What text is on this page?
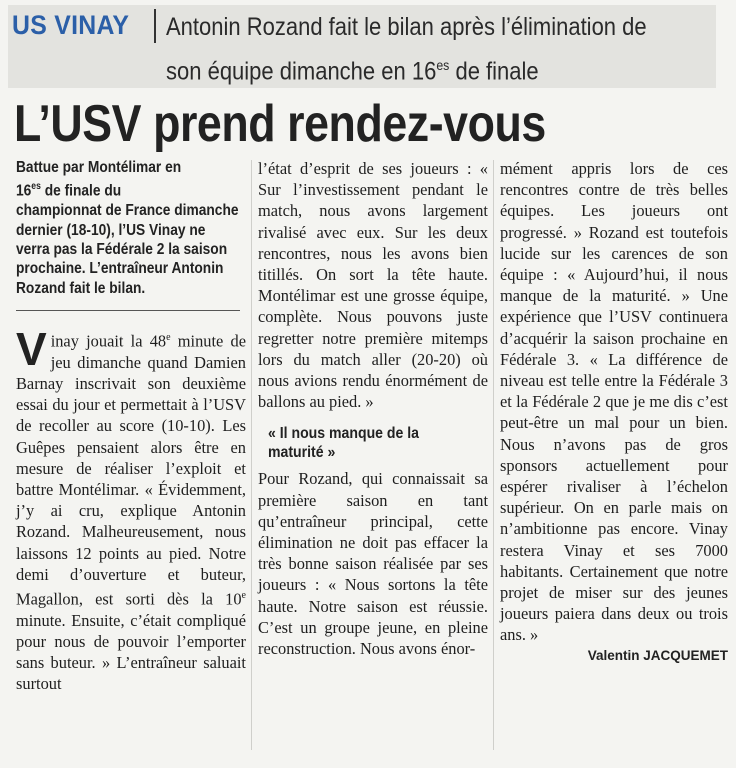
US VINAY Antonin Rozand fait le bilan après l’élimination de
son équipe dimanche en $16^{es}$ de finale
L’USV prend rendez-vous
Battue par Montélimar en
$16^{es}$ de finale du
championnat de France dimanche dernier (18-10), l’US Vinay ne verra pas la Fédérale 2 la saison prochaine. L’entraîneur Antonin Rozand fait le bilan.
Vinay jouait la 48e minute de jeu dimanche quand Damien Barnay inscrivait son deuxième essai du jour et permettait à l’USV de recoller au score (10-10). Les Guêpes pensaient alors être en mesure de réaliser l’exploit et battre Montélimar. « Évidemment, j’y ai cru, explique Antonin Rozand. Malheureusement, nous laissons 12 points au pied. Notre demi d’ouverture et buteur, Magallon, est sorti dès la 10e minute. Ensuite, c’était compliqué pour nous de pouvoir l’emporter sans buteur. » L’entraîneur saluait surtout
l’état d’esprit de ses joueurs : « Sur l’investissement pendant le match, nous avons largement rivalisé avec eux. Sur les deux rencontres, nous les avons bien titillés. On sort la tête haute. Montélimar est une grosse équipe, complète. Nous pouvons juste regretter notre première mitemps lors du match aller (20-20) où nous avions rendu énormément de ballons au pied. »
« Il nous manque de la maturité »
Pour Rozand, qui connaissait sa première saison en tant qu’entraîneur principal, cette élimination ne doit pas effacer la très bonne saison réalisée par ses joueurs : « Nous sortons la tête haute. Notre saison est réussie. C’est un groupe jeune, en pleine reconstruction. Nous avons énor-
mément appris lors de ces rencontres contre de très belles équipes. Les joueurs ont progressé. » Rozand est toutefois lucide sur les carences de son équipe : « Aujourd’hui, il nous manque de la maturité. » Une expérience que l’USV continuera d’acquérir la saison prochaine en Fédérale 3. « La différence de niveau est telle entre la Fédérale 3 et la Fédérale 2 que je me dis c’est peut-être un mal pour un bien. Nous n’avons pas de gros sponsors actuellement pour espérer rivaliser à l’échelon supérieur. On en parle mais on n’ambitionne pas encore. Vinay restera Vinay et ses 7000 habitants. Certainement que notre projet de miser sur des jeunes joueurs paiera dans deux ou trois ans. »
Valentin JACQUEMET
